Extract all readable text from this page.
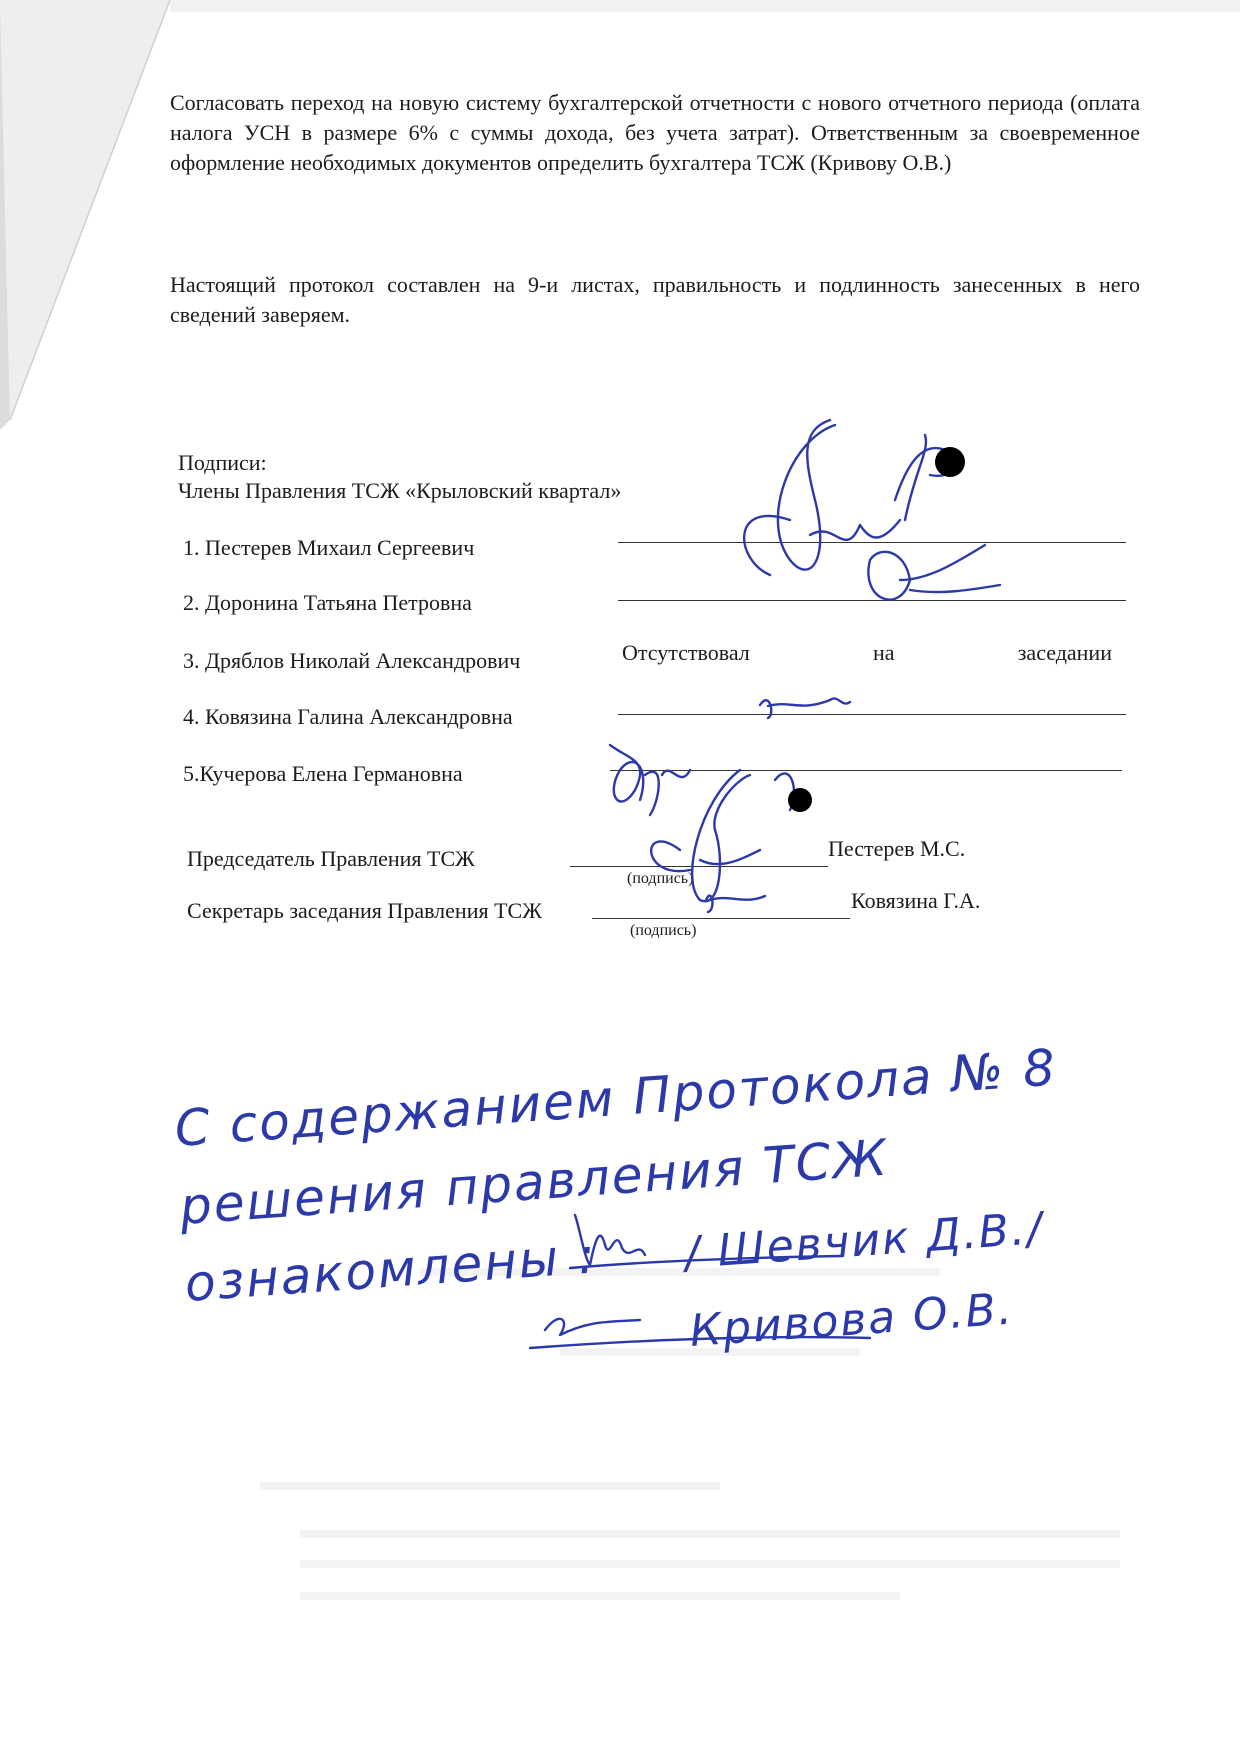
Согласовать переход на новую систему бухгалтерской отчетности с нового отчетного периода (оплата налога УСН в размере 6% с суммы дохода, без учета затрат). Ответственным за своевременное оформление необходимых документов определить бухгалтера ТСЖ (Кривову О.В.)
Настоящий протокол составлен на 9-и листах, правильность и подлинность занесенных в него сведений заверяем.
Подписи:
Члены Правления ТСЖ «Крыловский квартал»
1. Пестерев Михаил Сергеевич
2. Доронина Татьяна Петровна
3. Дряблов Николай Александрович	Отсутствовал	на	заседании
4. Ковязина Галина Александровна
5.Кучерова Елена Германовна
Председатель Правления ТСЖ	Пестерев М.С.
(подпись)
Секретарь заседания Правления ТСЖ	Ковязина Г.А.
(подпись)
С содержанием Протокола № 8
решения правления ТСЖ
ознакомлены : / Шевчик Д.В./
Кривова О.В.
